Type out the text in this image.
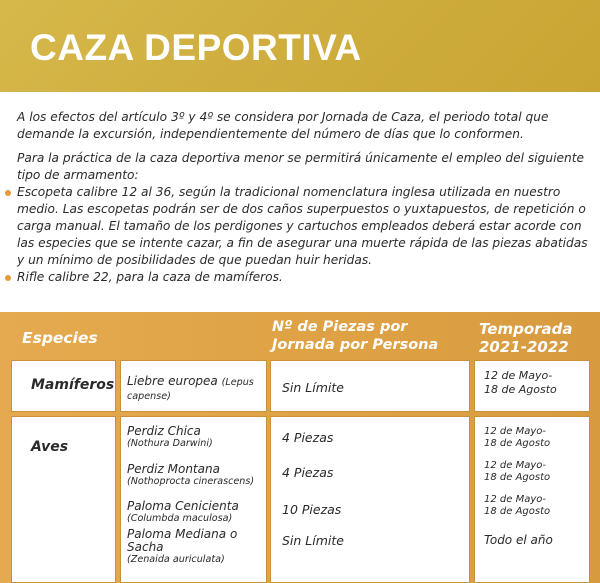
CAZA DEPORTIVA

A los efectos del artículo 3º y 4º se considera por Jornada de Caza, el periodo total que demande la excursión, independientemente del número de días que lo conformen.

Para la práctica de la caza deportiva menor se permitirá únicamente el empleo del siguiente tipo de armamento:

Escopeta calibre 12 al 36, según la tradicional nomenclatura inglesa utilizada en nuestro medio. Las escopetas podrán ser de dos caños superpuestos o yuxtapuestos, de repetición o carga manual. El tamaño de los perdigones y cartuchos empleados deberá estar acorde con las especies que se intente cazar, a fin de asegurar una muerte rápida de las piezas abatidas y un mínimo de posibilidades de que puedan huir heridas.
Rifle calibre 22, para la caza de mamíferos.
Especies
Nº de Piezas por
Jornada por Persona
Temporada
2021-2022
Mamíferos Liebre europea (Lepus capense)
Sin Límite
12 de Mayo-
18 de Agosto
Aves
Perdiz Chica
(Nothura Darwini)
Perdiz Montana
(Nothoprocta cinerascens)
Paloma Cenicienta
(Columbda maculosa)
Paloma Mediana o
Sacha
(Zenaida auriculata)
4 Piezas
4 Piezas
10 Piezas
Sin Límite
12 de Mayo-
18 de Agosto
12 de Mayo-
18 de Agosto
12 de Mayo-
18 de Agosto
Todo el año
